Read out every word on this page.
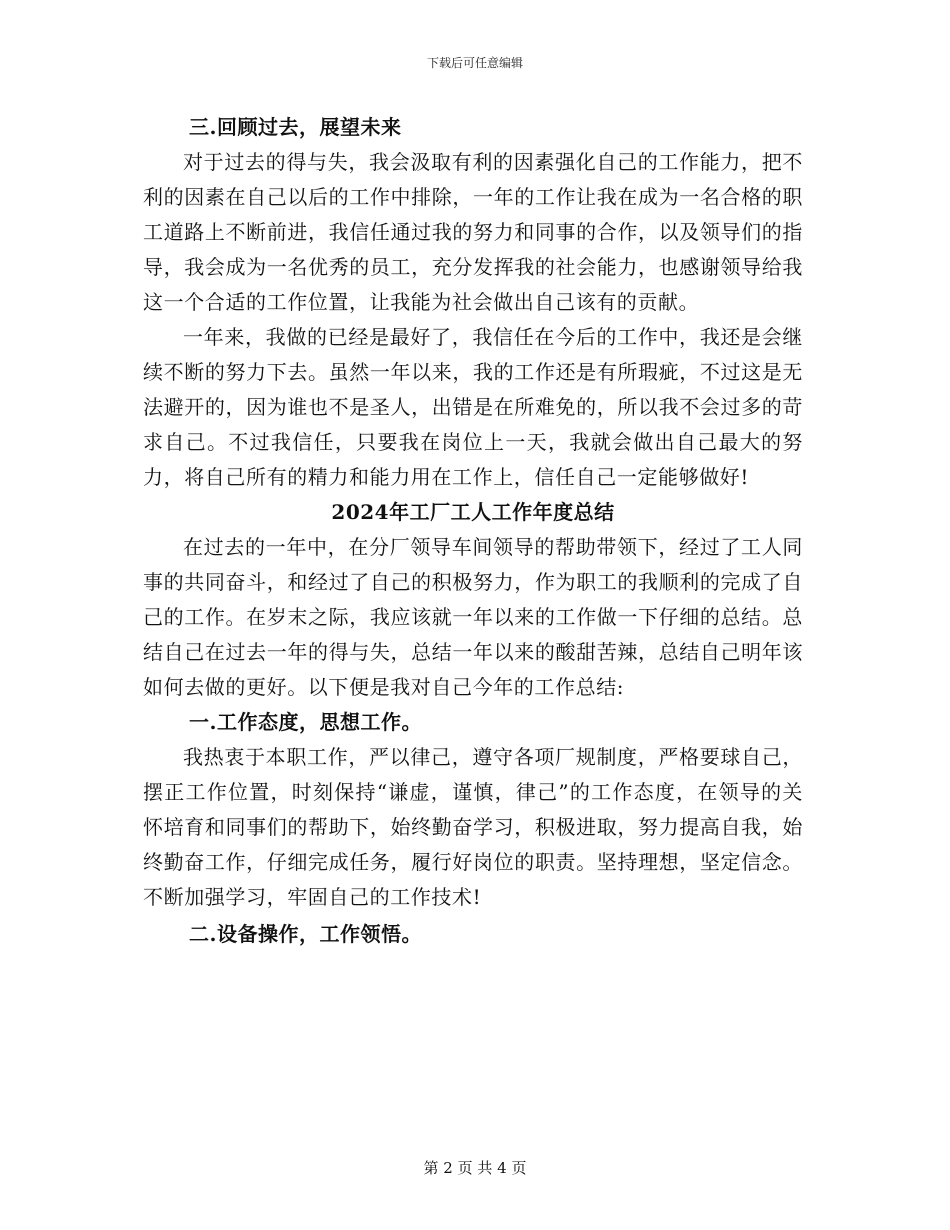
下载后可任意编辑

三.回顾过去，展望未来

对于过去的得与失，我会汲取有利的因素强化自己的工作能力，把不利的因素在自己以后的工作中排除，一年的工作让我在成为一名合格的职工道路上不断前进，我信任通过我的努力和同事的合作，以及领导们的指导，我会成为一名优秀的员工，充分发挥我的社会能力，也感谢领导给我这一个合适的工作位置，让我能为社会做出自己该有的贡献。

一年来，我做的已经是最好了，我信任在今后的工作中，我还是会继续不断的努力下去。虽然一年以来，我的工作还是有所瑕疵，不过这是无法避开的，因为谁也不是圣人，出错是在所难免的，所以我不会过多的苛求自己。不过我信任，只要我在岗位上一天，我就会做出自己最大的努力，将自己所有的精力和能力用在工作上，信任自己一定能够做好!

2024年工厂工人工作年度总结

在过去的一年中，在分厂领导车间领导的帮助带领下，经过了工人同事的共同奋斗，和经过了自己的积极努力，作为职工的我顺利的完成了自己的工作。在岁末之际，我应该就一年以来的工作做一下仔细的总结。总结自己在过去一年的得与失，总结一年以来的酸甜苦辣，总结自己明年该如何去做的更好。以下便是我对自己今年的工作总结:

一.工作态度，思想工作。

我热衷于本职工作，严以律己，遵守各项厂规制度，严格要球自己，摆正工作位置，时刻保持“谦虚，谨慎，律己”的工作态度，在领导的关怀培育和同事们的帮助下，始终勤奋学习，积极进取，努力提高自我，始终勤奋工作，仔细完成任务，履行好岗位的职责。坚持理想，坚定信念。不断加强学习，牢固自己的工作技术!

二.设备操作，工作领悟。

第 2 页 共 4 页
